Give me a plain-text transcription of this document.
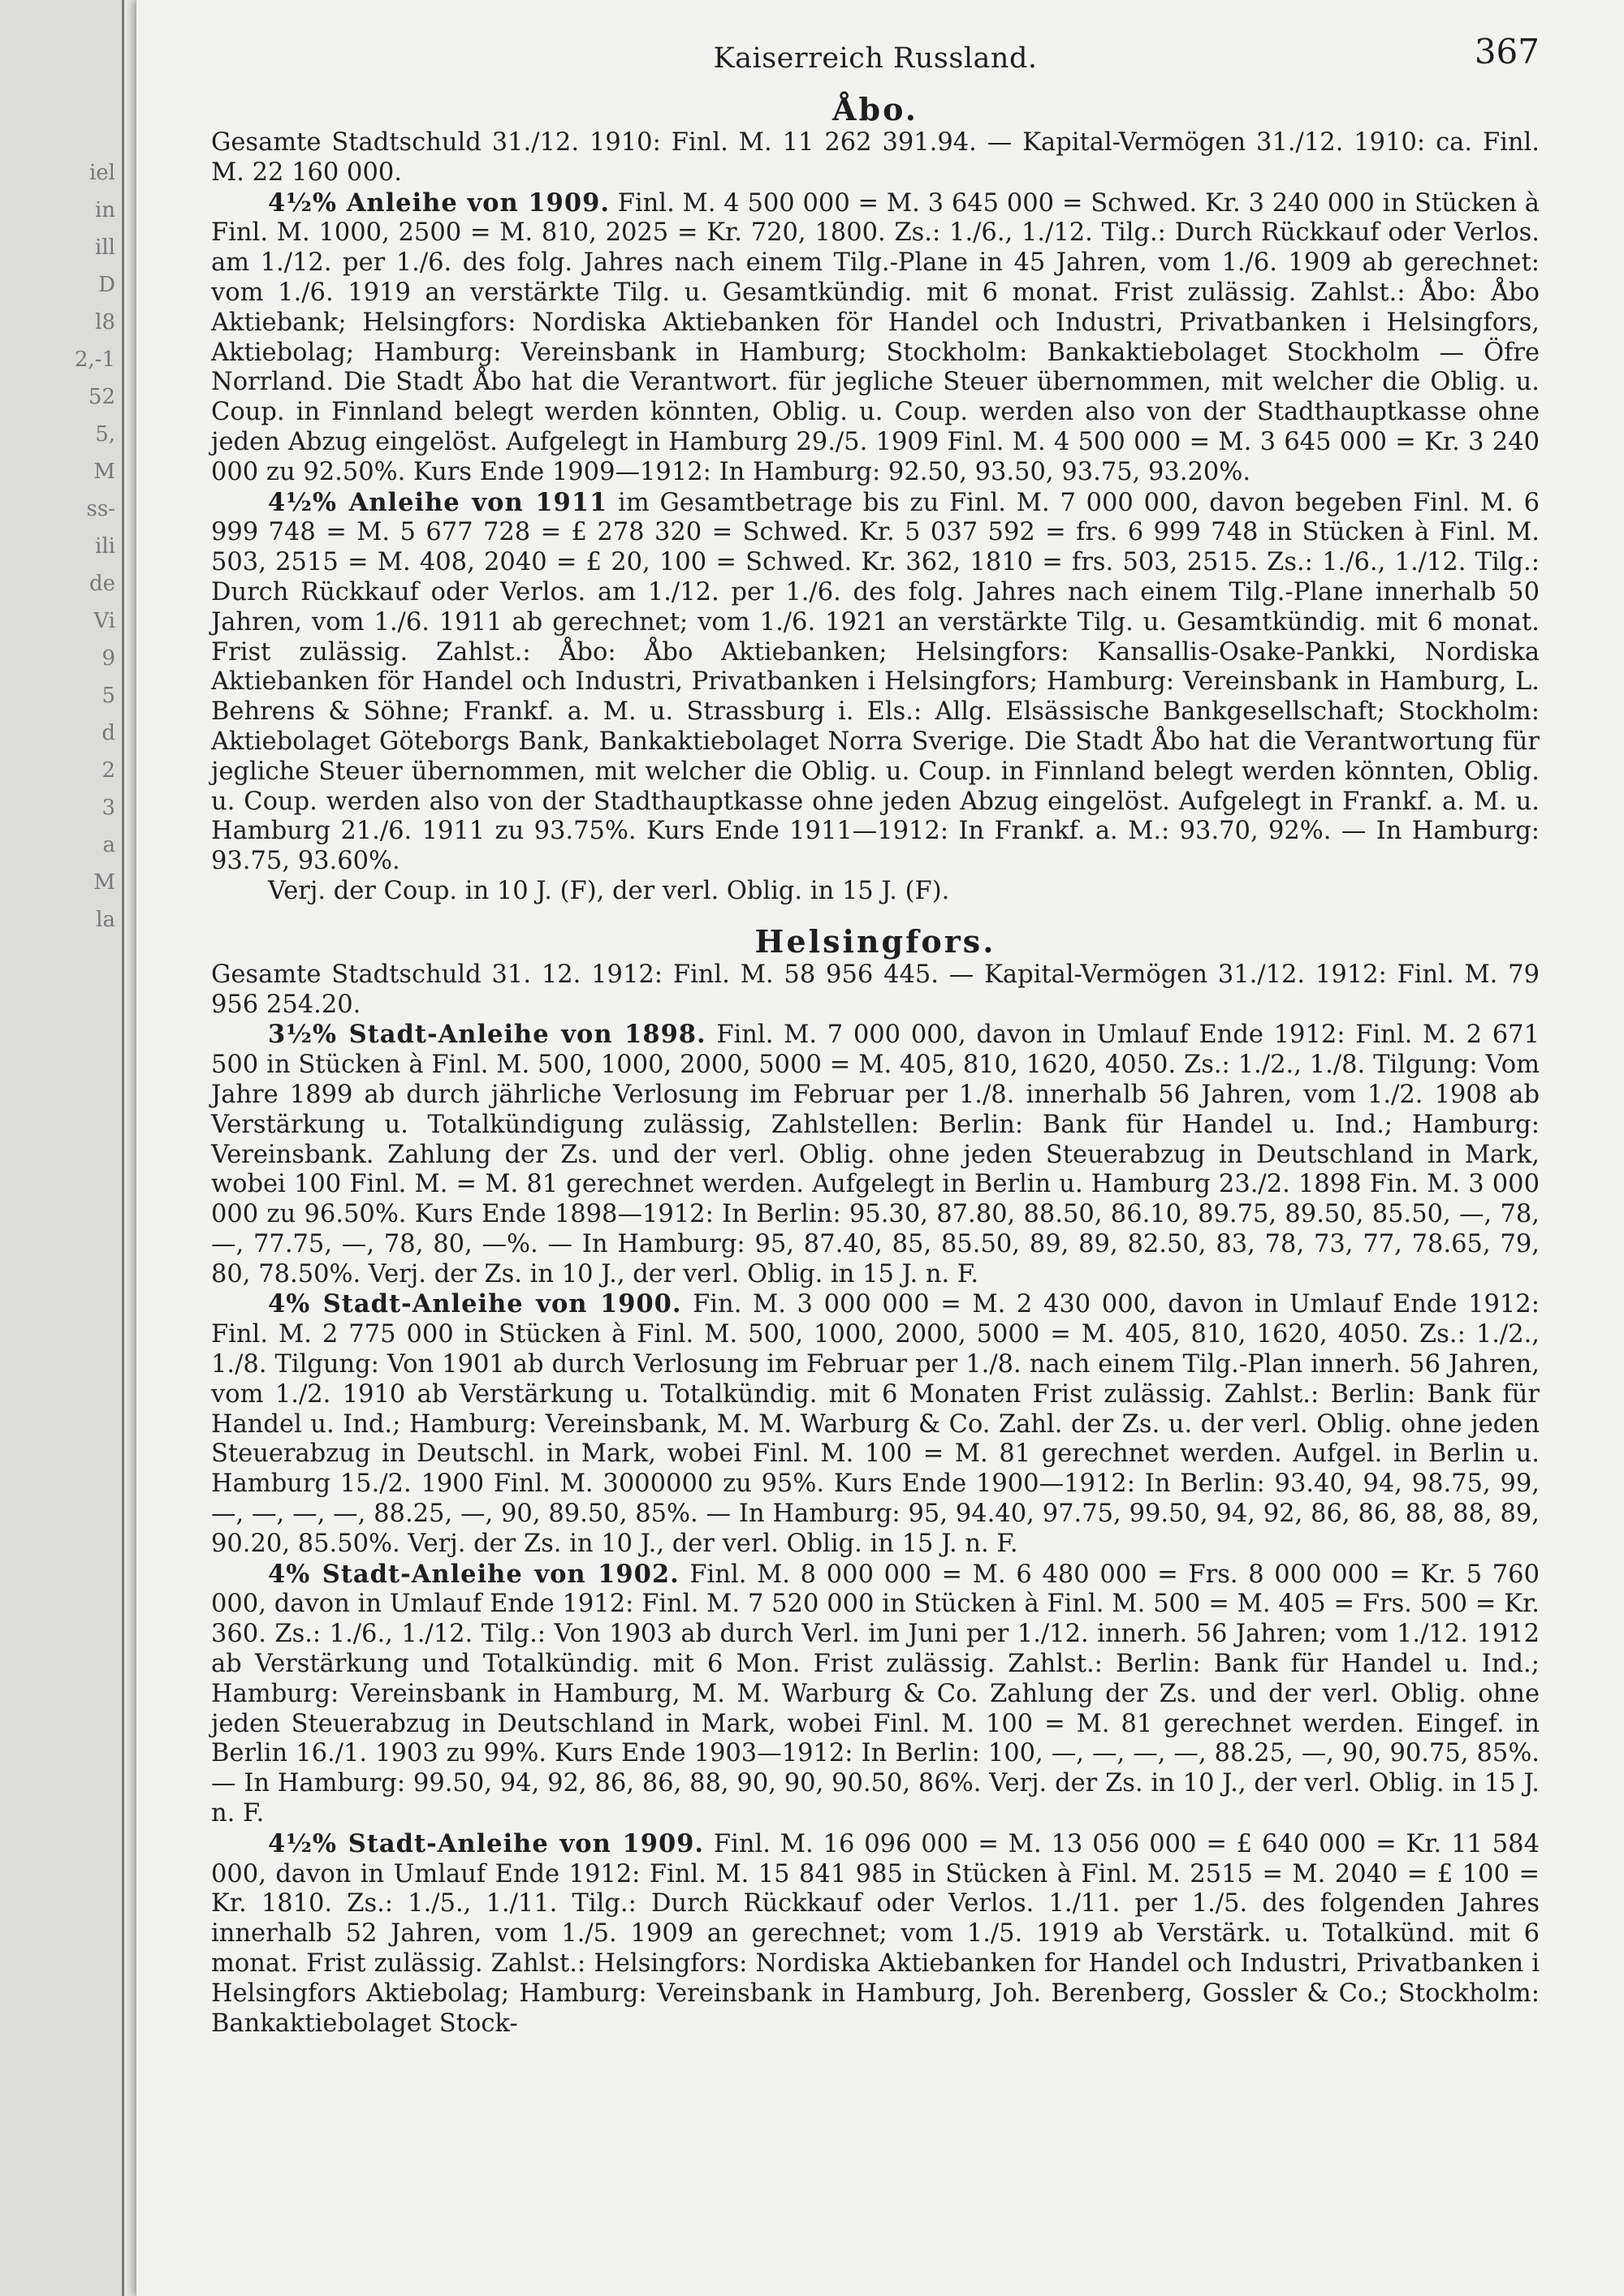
iel
in
ill
D
l8
2,-1
52
5,
M
ss-
ili
de
Vi
9
5
d
2
3
a
M
la
Kaiserreich Russland.	367

Åbo.

Gesamte Stadtschuld 31./12. 1910: Finl. M. 11 262 391.94. — Kapital-Vermögen 31./12. 1910: ca. Finl. M. 22 160 000.

4½% Anleihe von 1909. Finl. M. 4 500 000 = M. 3 645 000 = Schwed. Kr. 3 240 000 in Stücken à Finl. M. 1000, 2500 = M. 810, 2025 = Kr. 720, 1800. Zs.: 1./6., 1./12. Tilg.: Durch Rückkauf oder Verlos. am 1./12. per 1./6. des folg. Jahres nach einem Tilg.-Plane in 45 Jahren, vom 1./6. 1909 ab gerechnet: vom 1./6. 1919 an verstärkte Tilg. u. Gesamtkündig. mit 6 monat. Frist zulässig. Zahlst.: Åbo: Åbo Aktiebank; Helsingfors: Nordiska Aktiebanken för Handel och Industri, Privatbanken i Helsingfors, Aktiebolag; Hamburg: Vereinsbank in Hamburg; Stockholm: Bankaktiebolaget Stockholm — Öfre Norrland. Die Stadt Åbo hat die Verantwort. für jegliche Steuer übernommen, mit welcher die Oblig. u. Coup. in Finnland belegt werden könnten, Oblig. u. Coup. werden also von der Stadthauptkasse ohne jeden Abzug eingelöst. Aufgelegt in Hamburg 29./5. 1909 Finl. M. 4 500 000 = M. 3 645 000 = Kr. 3 240 000 zu 92.50%. Kurs Ende 1909—1912: In Hamburg: 92.50, 93.50, 93.75, 93.20%.

4½% Anleihe von 1911 im Gesamtbetrage bis zu Finl. M. 7 000 000, davon begeben Finl. M. 6 999 748 = M. 5 677 728 = £ 278 320 = Schwed. Kr. 5 037 592 = frs. 6 999 748 in Stücken à Finl. M. 503, 2515 = M. 408, 2040 = £ 20, 100 = Schwed. Kr. 362, 1810 = frs. 503, 2515. Zs.: 1./6., 1./12. Tilg.: Durch Rückkauf oder Verlos. am 1./12. per 1./6. des folg. Jahres nach einem Tilg.-Plane innerhalb 50 Jahren, vom 1./6. 1911 ab gerechnet; vom 1./6. 1921 an verstärkte Tilg. u. Gesamtkündig. mit 6 monat. Frist zulässig. Zahlst.: Åbo: Åbo Aktiebanken; Helsingfors: Kansallis-Osake-Pankki, Nordiska Aktiebanken för Handel och Industri, Privatbanken i Helsingfors; Hamburg: Vereinsbank in Hamburg, L. Behrens & Söhne; Frankf. a. M. u. Strassburg i. Els.: Allg. Elsässische Bankgesellschaft; Stockholm: Aktiebolaget Göteborgs Bank, Bankaktiebolaget Norra Sverige. Die Stadt Åbo hat die Verantwortung für jegliche Steuer übernommen, mit welcher die Oblig. u. Coup. in Finnland belegt werden könnten, Oblig. u. Coup. werden also von der Stadthauptkasse ohne jeden Abzug eingelöst. Aufgelegt in Frankf. a. M. u. Hamburg 21./6. 1911 zu 93.75%. Kurs Ende 1911—1912: In Frankf. a. M.: 93.70, 92%. — In Hamburg: 93.75, 93.60%.

Verj. der Coup. in 10 J. (F), der verl. Oblig. in 15 J. (F).

Helsingfors.

Gesamte Stadtschuld 31. 12. 1912: Finl. M. 58 956 445. — Kapital-Vermögen 31./12. 1912: Finl. M. 79 956 254.20.

3½% Stadt-Anleihe von 1898. Finl. M. 7 000 000, davon in Umlauf Ende 1912: Finl. M. 2 671 500 in Stücken à Finl. M. 500, 1000, 2000, 5000 = M. 405, 810, 1620, 4050. Zs.: 1./2., 1./8. Tilgung: Vom Jahre 1899 ab durch jährliche Verlosung im Februar per 1./8. innerhalb 56 Jahren, vom 1./2. 1908 ab Verstärkung u. Totalkündigung zulässig, Zahlstellen: Berlin: Bank für Handel u. Ind.; Hamburg: Vereinsbank. Zahlung der Zs. und der verl. Oblig. ohne jeden Steuerabzug in Deutschland in Mark, wobei 100 Finl. M. = M. 81 gerechnet werden. Aufgelegt in Berlin u. Hamburg 23./2. 1898 Fin. M. 3 000 000 zu 96.50%. Kurs Ende 1898—1912: In Berlin: 95.30, 87.80, 88.50, 86.10, 89.75, 89.50, 85.50, —, 78, —, 77.75, —, 78, 80, —%. — In Hamburg: 95, 87.40, 85, 85.50, 89, 89, 82.50, 83, 78, 73, 77, 78.65, 79, 80, 78.50%. Verj. der Zs. in 10 J., der verl. Oblig. in 15 J. n. F.

4% Stadt-Anleihe von 1900. Fin. M. 3 000 000 = M. 2 430 000, davon in Umlauf Ende 1912: Finl. M. 2 775 000 in Stücken à Finl. M. 500, 1000, 2000, 5000 = M. 405, 810, 1620, 4050. Zs.: 1./2., 1./8. Tilgung: Von 1901 ab durch Verlosung im Februar per 1./8. nach einem Tilg.-Plan innerh. 56 Jahren, vom 1./2. 1910 ab Verstärkung u. Totalkündig. mit 6 Monaten Frist zulässig. Zahlst.: Berlin: Bank für Handel u. Ind.; Hamburg: Vereinsbank, M. M. Warburg & Co. Zahl. der Zs. u. der verl. Oblig. ohne jeden Steuerabzug in Deutschl. in Mark, wobei Finl. M. 100 = M. 81 gerechnet werden. Aufgel. in Berlin u. Hamburg 15./2. 1900 Finl. M. 3000000 zu 95%. Kurs Ende 1900—1912: In Berlin: 93.40, 94, 98.75, 99, —, —, —, —, 88.25, —, 90, 89.50, 85%. — In Hamburg: 95, 94.40, 97.75, 99.50, 94, 92, 86, 86, 88, 88, 89, 90.20, 85.50%. Verj. der Zs. in 10 J., der verl. Oblig. in 15 J. n. F.

4% Stadt-Anleihe von 1902. Finl. M. 8 000 000 = M. 6 480 000 = Frs. 8 000 000 = Kr. 5 760 000, davon in Umlauf Ende 1912: Finl. M. 7 520 000 in Stücken à Finl. M. 500 = M. 405 = Frs. 500 = Kr. 360. Zs.: 1./6., 1./12. Tilg.: Von 1903 ab durch Verl. im Juni per 1./12. innerh. 56 Jahren; vom 1./12. 1912 ab Verstärkung und Totalkündig. mit 6 Mon. Frist zulässig. Zahlst.: Berlin: Bank für Handel u. Ind.; Hamburg: Vereinsbank in Hamburg, M. M. Warburg & Co. Zahlung der Zs. und der verl. Oblig. ohne jeden Steuerabzug in Deutschland in Mark, wobei Finl. M. 100 = M. 81 gerechnet werden. Eingef. in Berlin 16./1. 1903 zu 99%. Kurs Ende 1903—1912: In Berlin: 100, —, —, —, —, 88.25, —, 90, 90.75, 85%. — In Hamburg: 99.50, 94, 92, 86, 86, 88, 90, 90, 90.50, 86%. Verj. der Zs. in 10 J., der verl. Oblig. in 15 J. n. F.

4½% Stadt-Anleihe von 1909. Finl. M. 16 096 000 = M. 13 056 000 = £ 640 000 = Kr. 11 584 000, davon in Umlauf Ende 1912: Finl. M. 15 841 985 in Stücken à Finl. M. 2515 = M. 2040 = £ 100 = Kr. 1810. Zs.: 1./5., 1./11. Tilg.: Durch Rückkauf oder Verlos. 1./11. per 1./5. des folgenden Jahres innerhalb 52 Jahren, vom 1./5. 1909 an gerechnet; vom 1./5. 1919 ab Verstärk. u. Totalkünd. mit 6 monat. Frist zulässig. Zahlst.: Helsingfors: Nordiska Aktiebanken for Handel och Industri, Privatbanken i Helsingfors Aktiebolag; Hamburg: Vereinsbank in Hamburg, Joh. Berenberg, Gossler & Co.; Stockholm: Bankaktiebolaget Stock-
